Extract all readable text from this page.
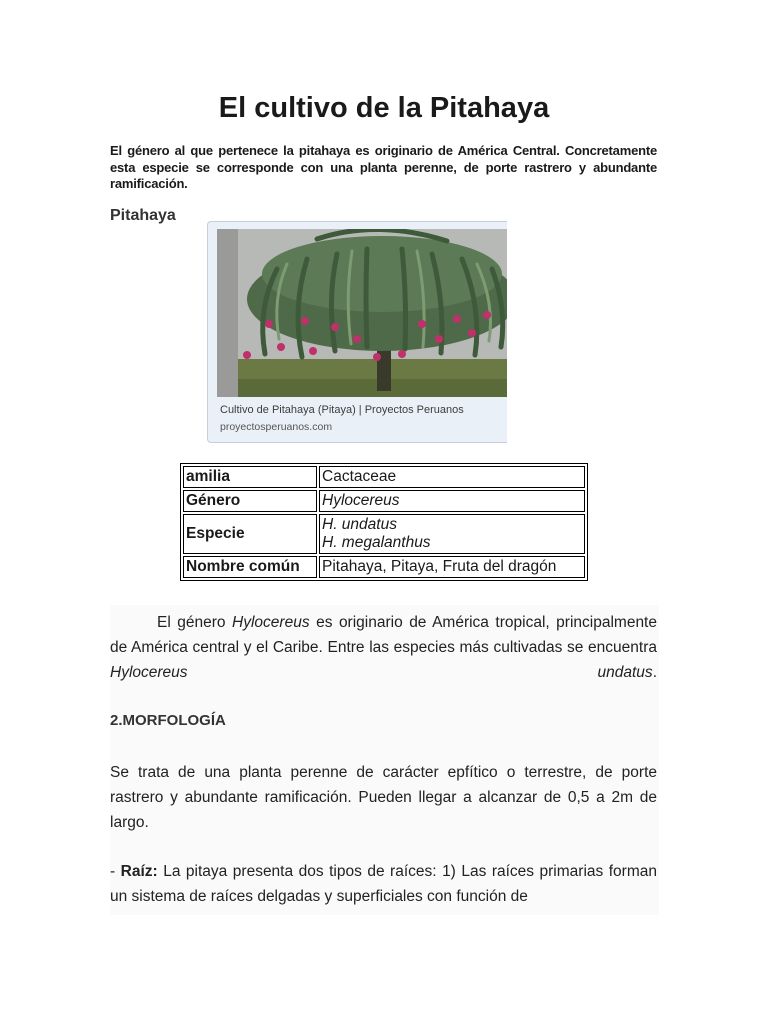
El cultivo de la Pitahaya

El género al que pertenece la pitahaya es originario de América Central. Concretamente esta especie se corresponde con una planta perenne, de porte rastrero y abundante ramificación.

Pitahaya

Cultivo de Pitahaya (Pitaya) | Proyectos Peruanos
proyectosperuanos.com
amilia	Cactaceae
Género	Hylocereus
Especie	H. undatus
H. megalanthus
Nombre común	Pitahaya, Pitaya, Fruta del dragón

El género Hylocereus es originario de América tropical, principalmente de América central y el Caribe. Entre las especies más cultivadas se encuentra Hylocereus	undatus.

2.MORFOLOGÍA

Se trata de una planta perenne de carácter epfítico o terrestre, de porte rastrero y abundante ramificación. Pueden llegar a alcanzar de 0,5 a 2m de largo.

- Raíz: La pitaya presenta dos tipos de raíces: 1) Las raíces primarias forman un sistema de raíces delgadas y superficiales con función de
